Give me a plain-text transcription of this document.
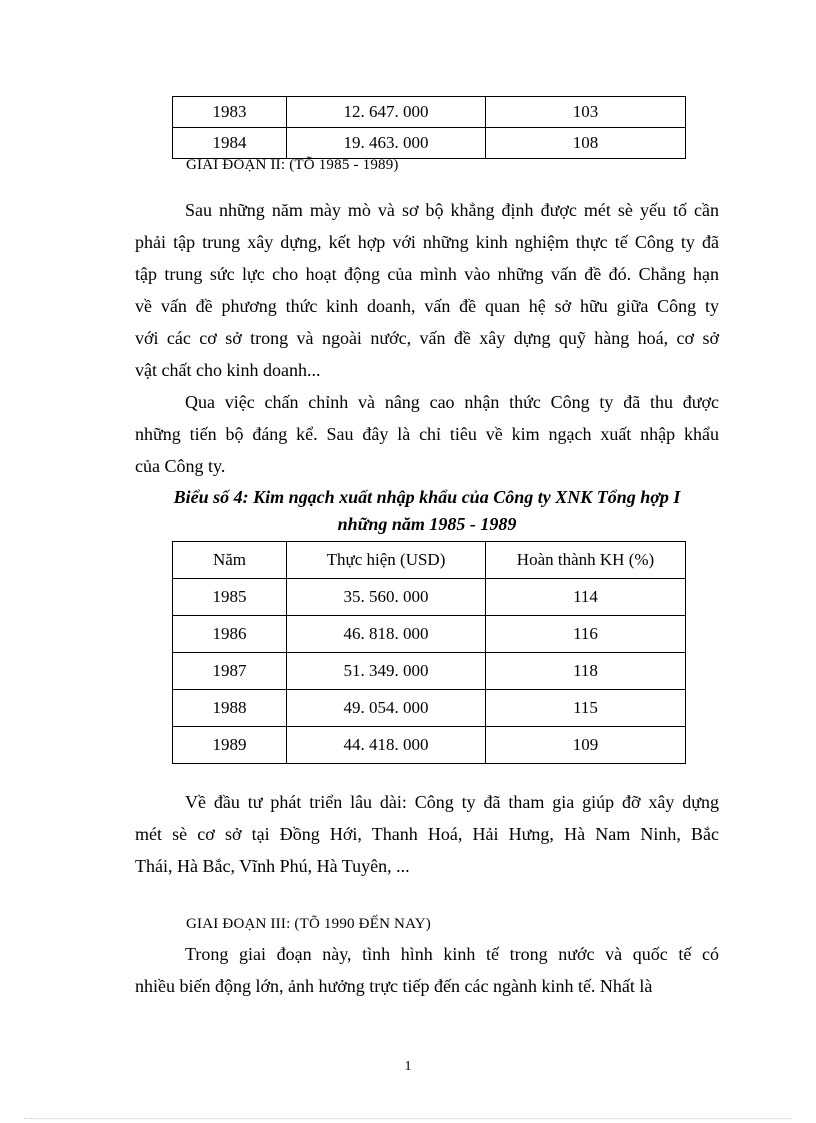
1983	12. 647. 000	103
1984	19. 463. 000	108
GIAI ĐOẠN II: (TÕ 1985 - 1989)
Sau những năm mày mò và sơ bộ khẳng định được mét sè yếu tố cần
phải tập trung xây dựng, kết hợp với những kinh nghiệm thực tế Công ty đã
tập trung sức lực cho hoạt động của mình vào những vấn đề đó. Chẳng hạn
về vấn đề phương thức kinh doanh, vấn đề quan hệ sở hữu giữa Công ty
với các cơ sở trong và ngoài nước, vấn đề xây dựng quỹ hàng hoá, cơ sở
vật chất cho kinh doanh...
Qua việc chấn chỉnh và nâng cao nhận thức Công ty đã thu được
những tiến bộ đáng kể. Sau đây là chỉ tiêu về kim ngạch xuất nhập khẩu
của Công ty.
Biểu số 4: Kim ngạch xuất nhập khẩu của Công ty XNK Tổng hợp I
những năm 1985 - 1989
Năm	Thực hiện (USD)	Hoàn thành KH (%)
1985	35. 560. 000	114
1986	46. 818. 000	116
1987	51. 349. 000	118
1988	49. 054. 000	115
1989	44. 418. 000	109
Về đầu tư phát triển lâu dài: Công ty đã tham gia giúp đỡ xây dựng
mét sè cơ sở tại Đồng Hới, Thanh Hoá, Hải Hưng, Hà Nam Ninh, Bắc
Thái, Hà Bắc, Vĩnh Phú, Hà Tuyên, ...
GIAI ĐOẠN III: (TÕ 1990 ĐẾN NAY)
Trong giai đoạn này, tình hình kinh tế trong nước và quốc tế có
nhiều biến động lớn, ảnh hưởng trực tiếp đến các ngành kinh tế. Nhất là
1
